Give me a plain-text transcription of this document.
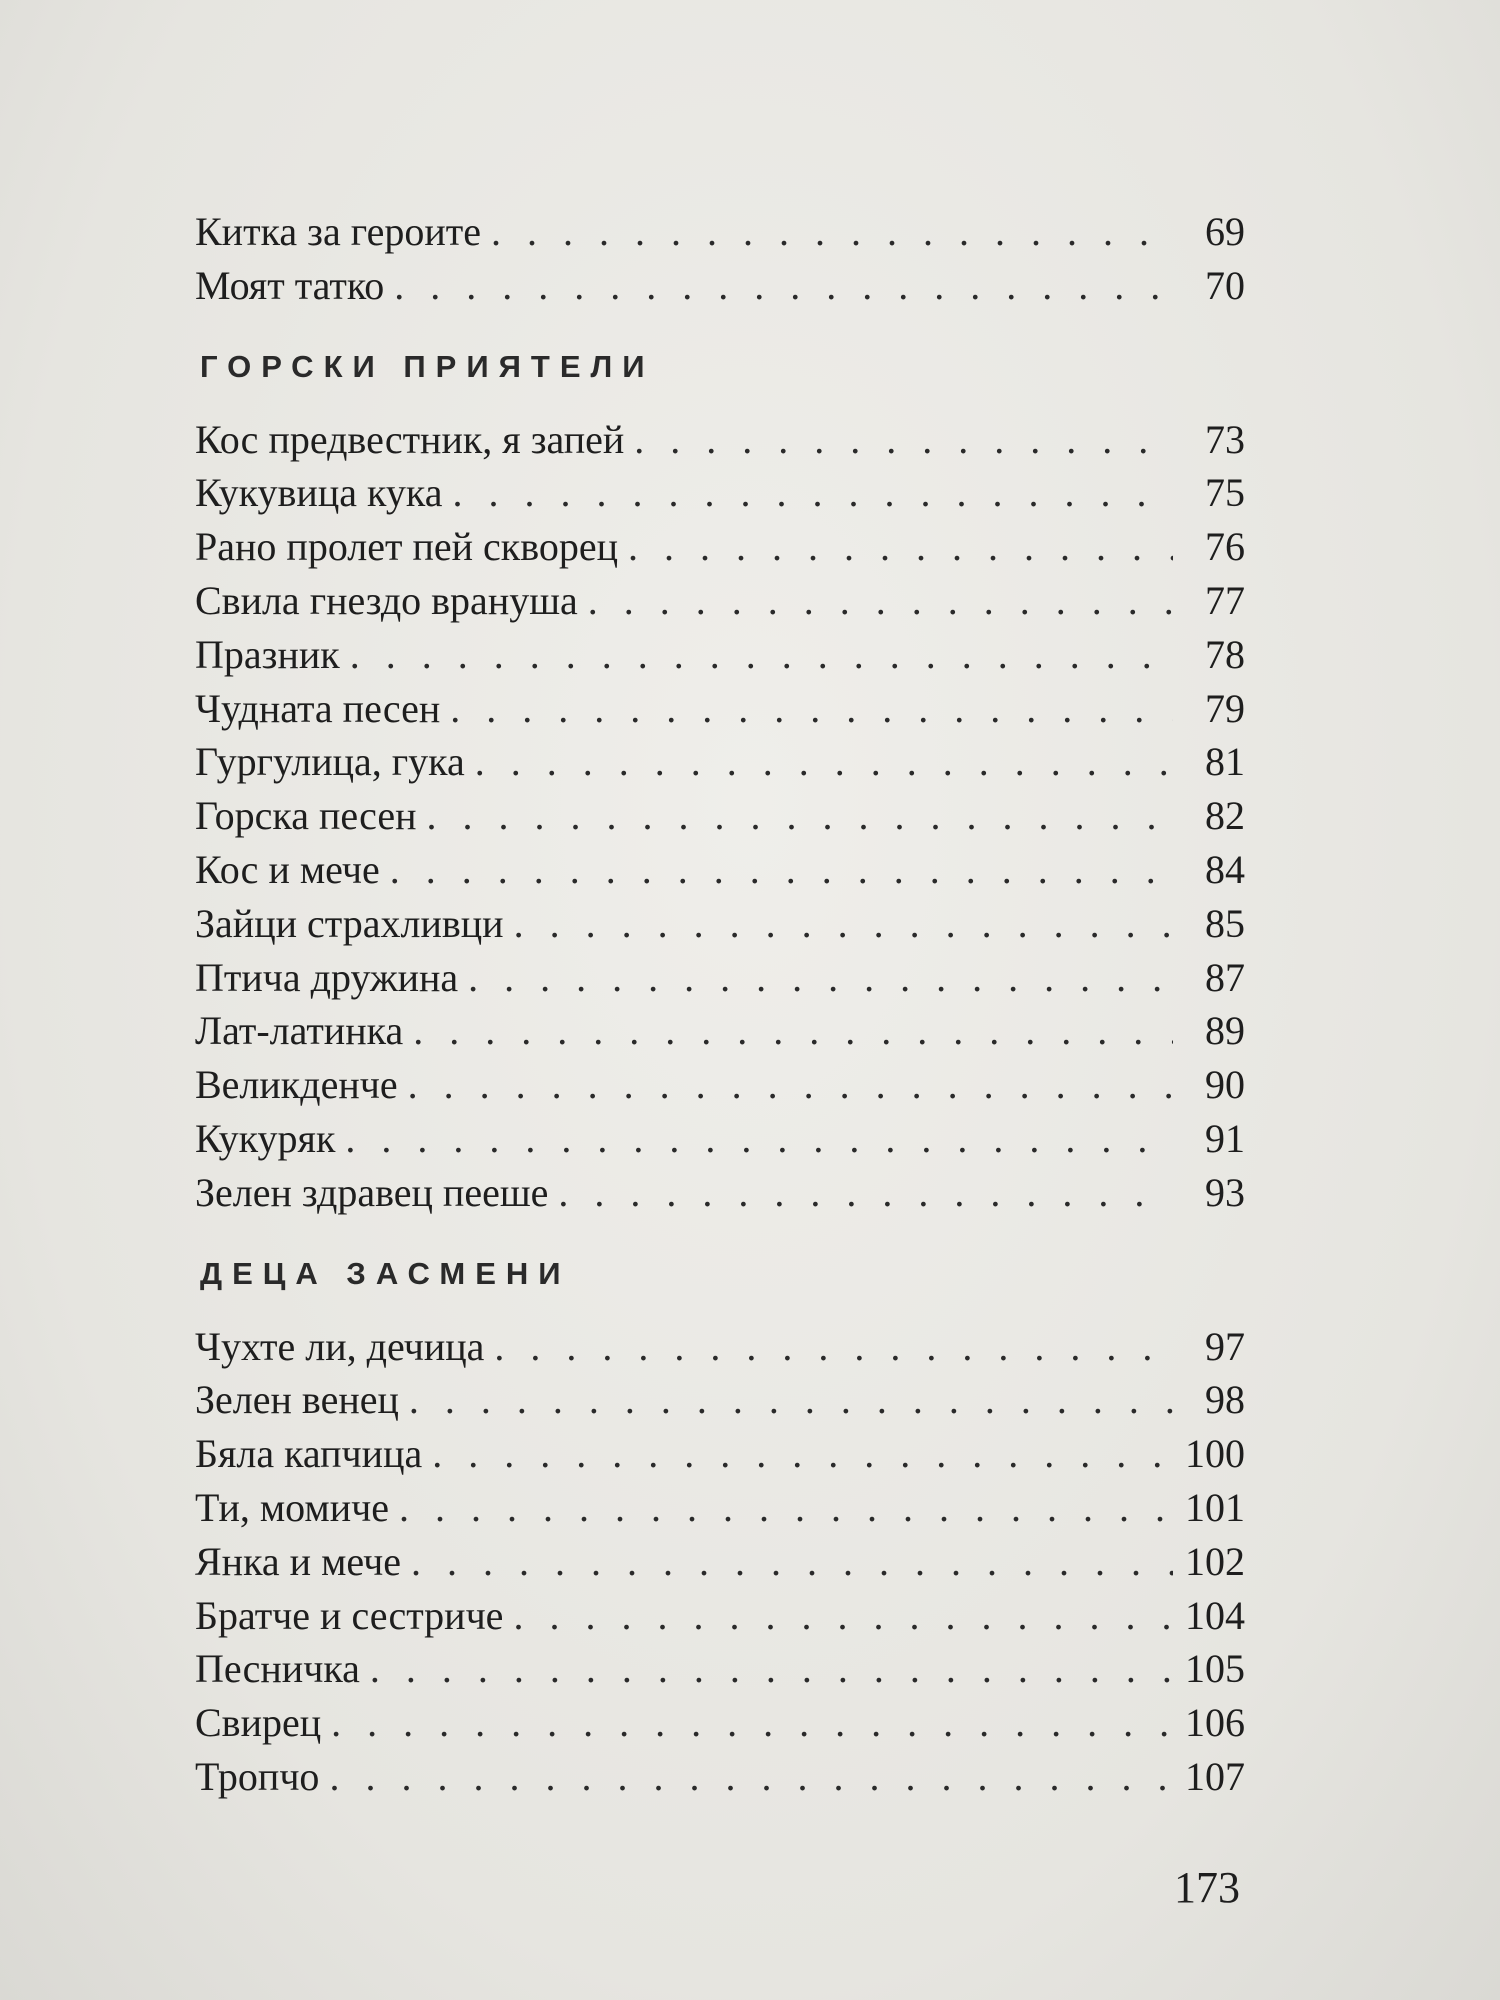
Китка за героите . . .	69
Моят татко . . .	70
ГОРСКИ ПРИЯТЕЛИ
Кос предвестник, я запей . . .	73
Кукувица кука . . .	75
Рано пролет пей скворец . . .	76
Свила гнездо врануша . . .	77
Празник . . .	78
Чудната песен . . .	79
Гургулица, гука . . .	81
Горска песен . . .	82
Кос и мече . . .	84
Зайци страхливци . . .	85
Птича дружина . . .	87
Лат-латинка . . .	89
Великденче . . .	90
Кукуряк . . .	91
Зелен здравец пееше . . .	93
ДЕЦА ЗАСМЕНИ
Чухте ли, дечица . . .	97
Зелен венец . . .	98
Бяла капчица . . .	100
Ти, момиче . . .	101
Янка и мече . . .	102
Братче и сестриче . . .	104
Песничка . . .	105
Свирец . . .	106
Тропчо . . .	107
173
